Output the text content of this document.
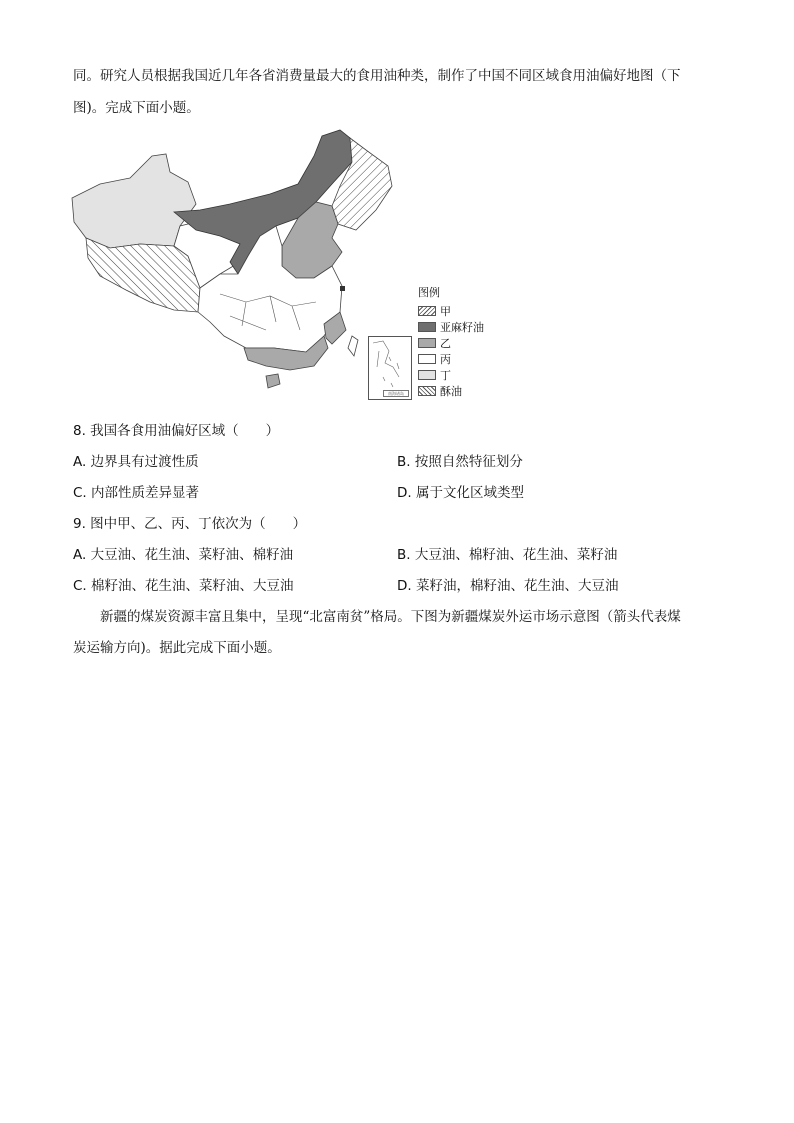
同。研究人员根据我国近几年各省消费量最大的食用油种类，制作了中国不同区域食用油偏好地图（下

图)。完成下面小题。

南海诸岛
图例
甲
亚麻籽油
乙
丙
丁
酥油
8. 我国各食用油偏好区域（　　）
A. 边界具有过渡性质	B. 按照自然特征划分
C. 内部性质差异显著	D. 属于文化区域类型
9. 图中甲、乙、丙、丁依次为（　　）
A. 大豆油、花生油、菜籽油、棉籽油	B. 大豆油、棉籽油、花生油、菜籽油
C. 棉籽油、花生油、菜籽油、大豆油	D. 菜籽油，棉籽油、花生油、大豆油

新疆的煤炭资源丰富且集中，呈现“北富南贫”格局。下图为新疆煤炭外运市场示意图（箭头代表煤

炭运输方向)。据此完成下面小题。
